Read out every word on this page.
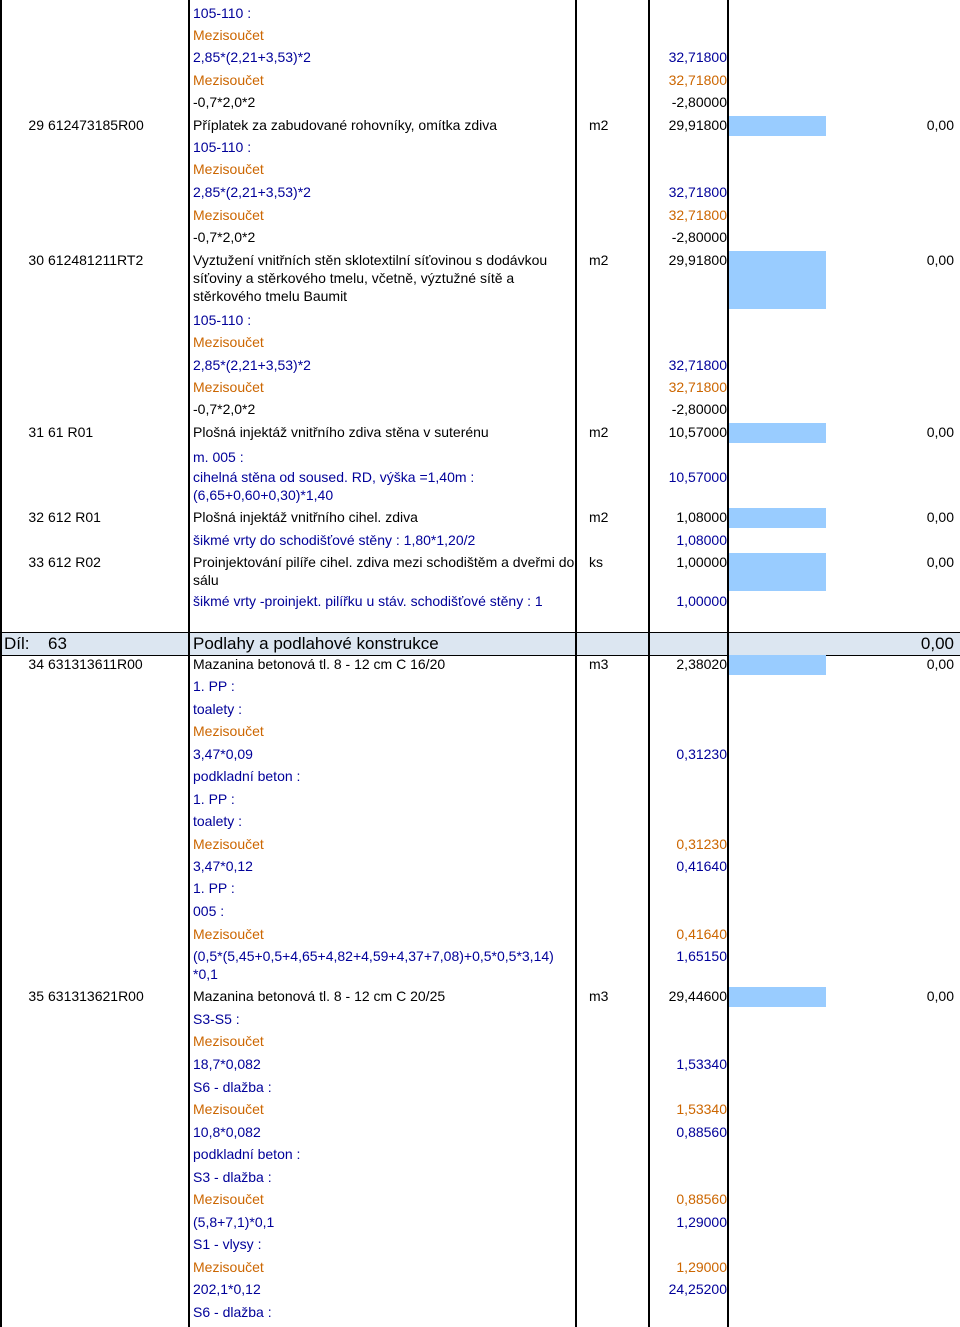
Díl: 63	Podlahy a podlahové konstrukce	0,00
105-110 :
Mezisoučet
2,85*(2,21+3,53)*2	32,71800
Mezisoučet	32,71800
-0,7*2,0*2	-2,80000
29 612473185R00	Příplatek za zabudované rohovníky, omítka zdiva	m2	29,91800	0,00
105-110 :
Mezisoučet
2,85*(2,21+3,53)*2	32,71800
Mezisoučet	32,71800
-0,7*2,0*2	-2,80000
30 612481211RT2	Vyztužení vnitřních stěn sklotextilní síťovinou s dodávkou síťoviny a stěrkového tmelu, včetně, výztužné sítě a stěrkového tmelu Baumit
m2	29,91800	0,00
105-110 :
Mezisoučet
2,85*(2,21+3,53)*2	32,71800
Mezisoučet	32,71800
-0,7*2,0*2	-2,80000
31 61 R01	Plošná injektáž vnitřního zdiva stěna v suterénu	m2	10,57000	0,00
m. 005 :
cihelná stěna od soused. RD, výška =1,40m : (6,65+0,60+0,30)*1,40
10,57000
32 612 R01	Plošná injektáž vnitřního cihel. zdiva	m2	1,08000	0,00
šikmé vrty do schodišťové stěny : 1,80*1,20/2	1,08000
33 612 R02	Proinjektování pilíře cihel. zdiva mezi schodištěm a dveřmi do sálu
ks	1,00000	0,00
šikmé vrty -proinjekt. pilířku u stáv. schodišťové stěny : 1	1,00000
34 631313611R00	Mazanina betonová tl. 8 - 12 cm C 16/20	m3	2,38020	0,00
1. PP :
toalety :
Mezisoučet
3,47*0,09	0,31230
podkladní beton :
1. PP :
toalety :
Mezisoučet	0,31230
3,47*0,12	0,41640
1. PP :
005 :
Mezisoučet	0,41640
(0,5*(5,45+0,5+4,65+4,82+4,59+4,37+7,08)+0,5*0,5*3,14) *0,1
1,65150
35 631313621R00	Mazanina betonová tl. 8 - 12 cm C 20/25	m3	29,44600	0,00
S3-S5 :
Mezisoučet
18,7*0,082	1,53340
S6 - dlažba :
Mezisoučet	1,53340
10,8*0,082	0,88560
podkladní beton :
S3 - dlažba :
Mezisoučet	0,88560
(5,8+7,1)*0,1	1,29000
S1 - vlysy :
Mezisoučet	1,29000
202,1*0,12	24,25200
S6 - dlažba :
